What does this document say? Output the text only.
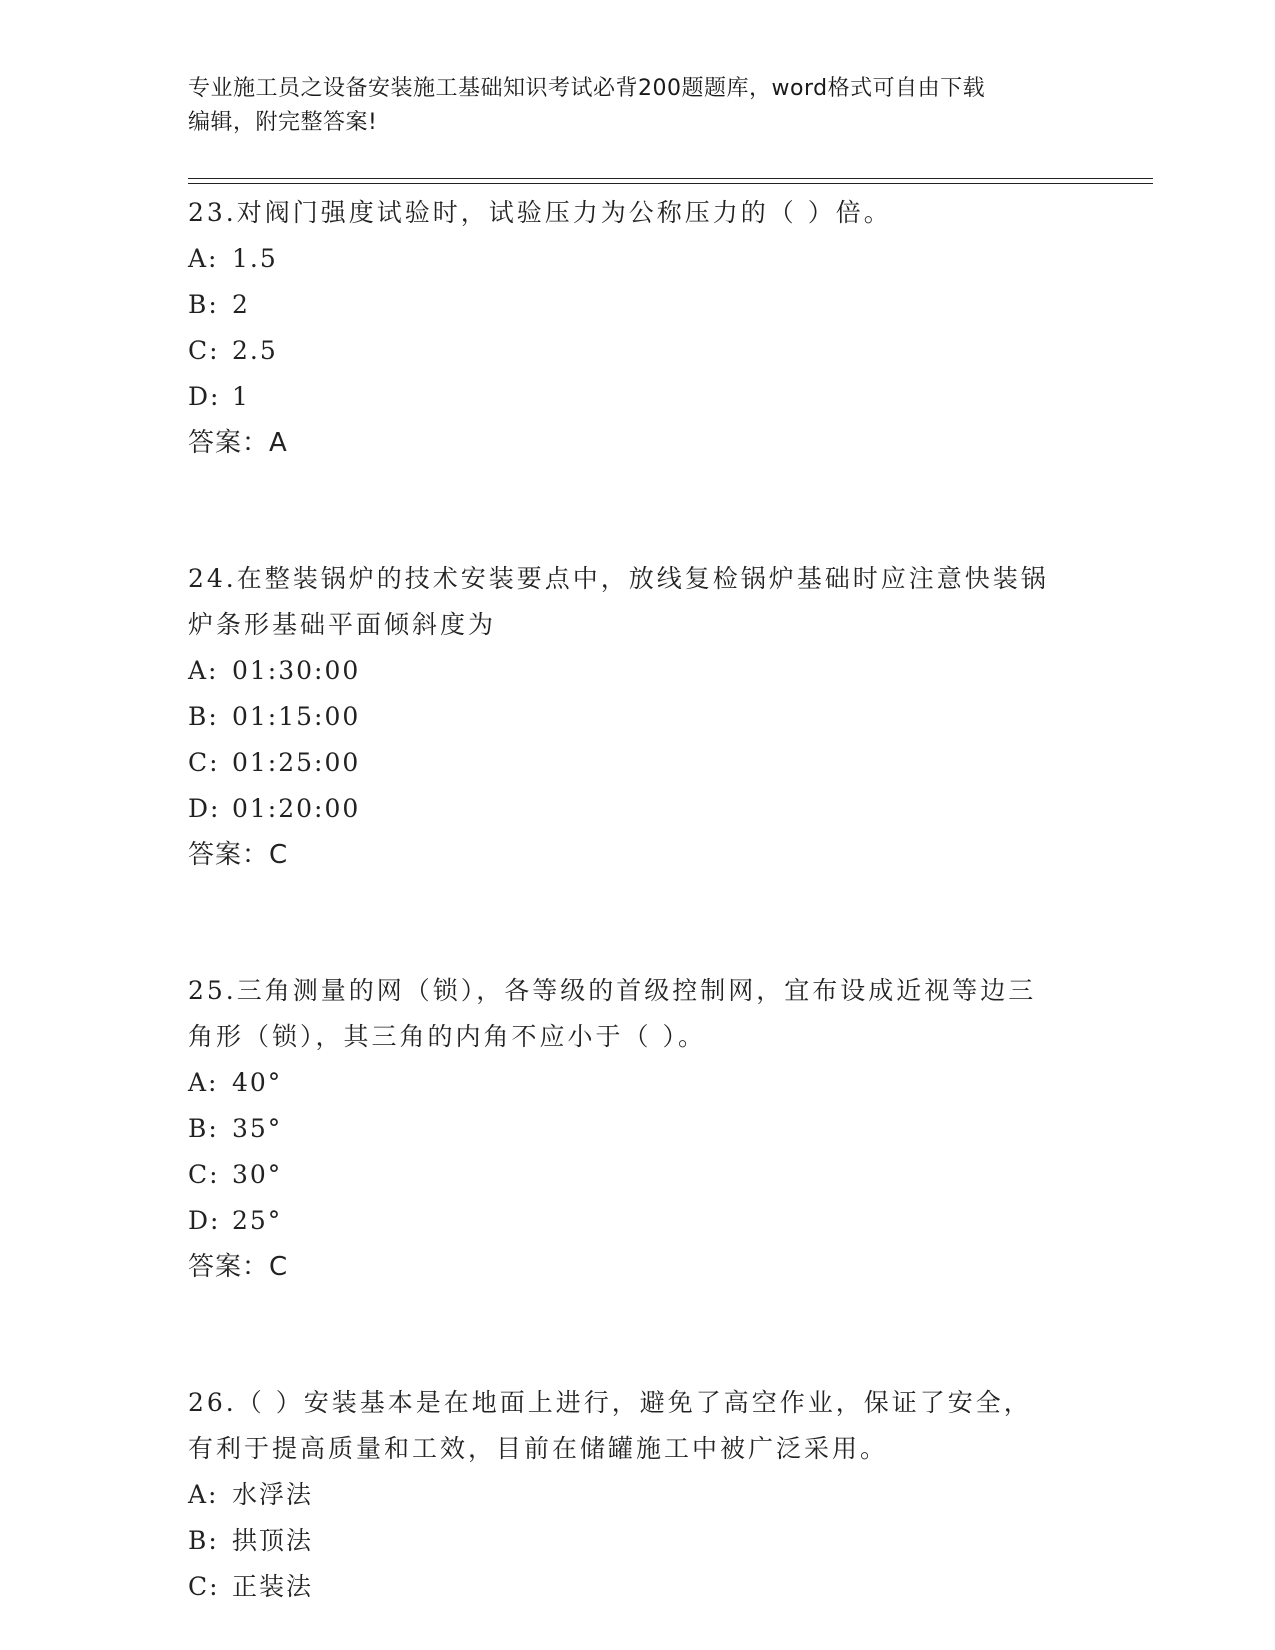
专业施工员之设备安装施工基础知识考试必背200题题库，word格式可自由下载
编辑，附完整答案!
23.对阀门强度试验时，试验压力为公称压力的（ ）倍。
A: 1.5
B: 2
C: 2.5
D: 1
答案：A
24.在整装锅炉的技术安装要点中，放线复检锅炉基础时应注意快装锅
炉条形基础平面倾斜度为
A: 01:30:00
B: 01:15:00
C: 01:25:00
D: 01:20:00
答案：C
25.三角测量的网（锁），各等级的首级控制网，宜布设成近视等边三
角形（锁），其三角的内角不应小于（ ）。
A: 40°
B: 35°
C: 30°
D: 25°
答案：C
26.（ ）安装基本是在地面上进行，避免了高空作业，保证了安全，
有利于提高质量和工效，目前在储罐施工中被广泛采用。
A: 水浮法
B: 拱顶法
C: 正装法
